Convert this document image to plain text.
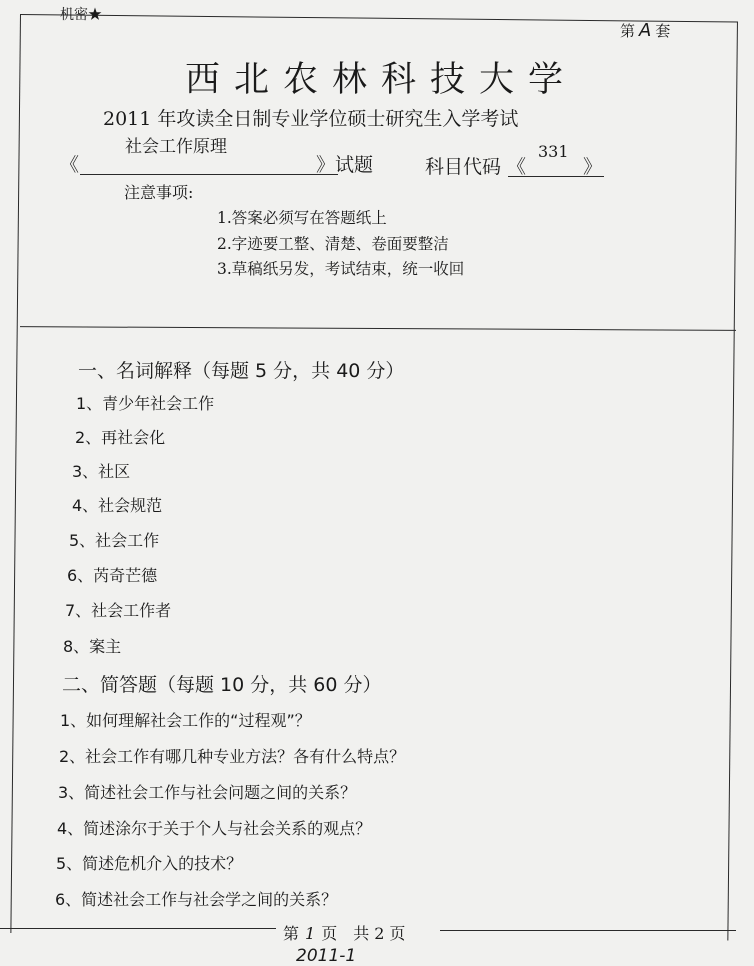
机密★
第 A 套
西北农林科技大学
2011 年攻读全日制专业学位硕士研究生入学考试
《
社会工作原理
》试题	科目代码 《
331
》
注意事项:
1.答案必须写在答题纸上
2.字迹要工整、清楚、卷面要整洁
3.草稿纸另发，考试结束，统一收回
一、名词解释（每题 5 分，共 40 分）
1、青少年社会工作
2、再社会化
3、社区
4、社会规范
5、社会工作
6、芮奇芒德
7、社会工作者
8、案主
二、简答题（每题 10 分，共 60 分）
1、如何理解社会工作的“过程观”？
2、社会工作有哪几种专业方法？各有什么特点？
3、简述社会工作与社会问题之间的关系？
4、简述涂尔于关于个人与社会关系的观点？
5、简述危机介入的技术？
6、简述社会工作与社会学之间的关系？
第 1 页　共 2 页
2011-1
